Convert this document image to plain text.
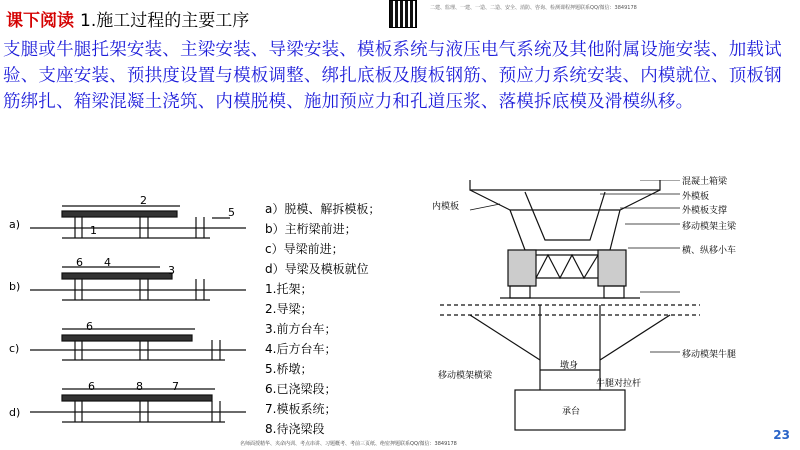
二建、监理、一建、一造、二造、安全、消防、咨询、检测课程押题联系QQ/微信：3849178
课下阅读 1.施工过程的主要工序
支腿或牛腿托架安装、主梁安装、导梁安装、模板系统与液压电气系统及其他附属设施安装、加载试验、支座安装、预拱度设置与模板调整、绑扎底板及腹板钢筋、预应力系统安装、内模就位、顶板钢筋绑扎、箱梁混凝土浇筑、内模脱模、施加预应力和孔道压浆、落模拆底模及滑模纵移。
a)
b)
c)
d)
2
1
5
6 4
3
6
6	8	7
a）脱模、解拆模板；
b）主桁梁前进；
c）导梁前进；
d）导梁及模板就位
1.托架；
2.导梁；
3.前方台车；
4.后方台车；
5.桥墩；
6.已浇梁段；
7.模板系统；
8.待浇梁段
混凝土箱梁
外模板
外模板支撑
移动模架主梁
横、纵移小车
内模板
移动模架牛腿
移动模架横梁
牛腿对拉杆
墩身
承台
名师面授精华、夹命内训、考点串讲、习题概考、考前三页纸、绝密押题联系QQ/微信：3849178
23
